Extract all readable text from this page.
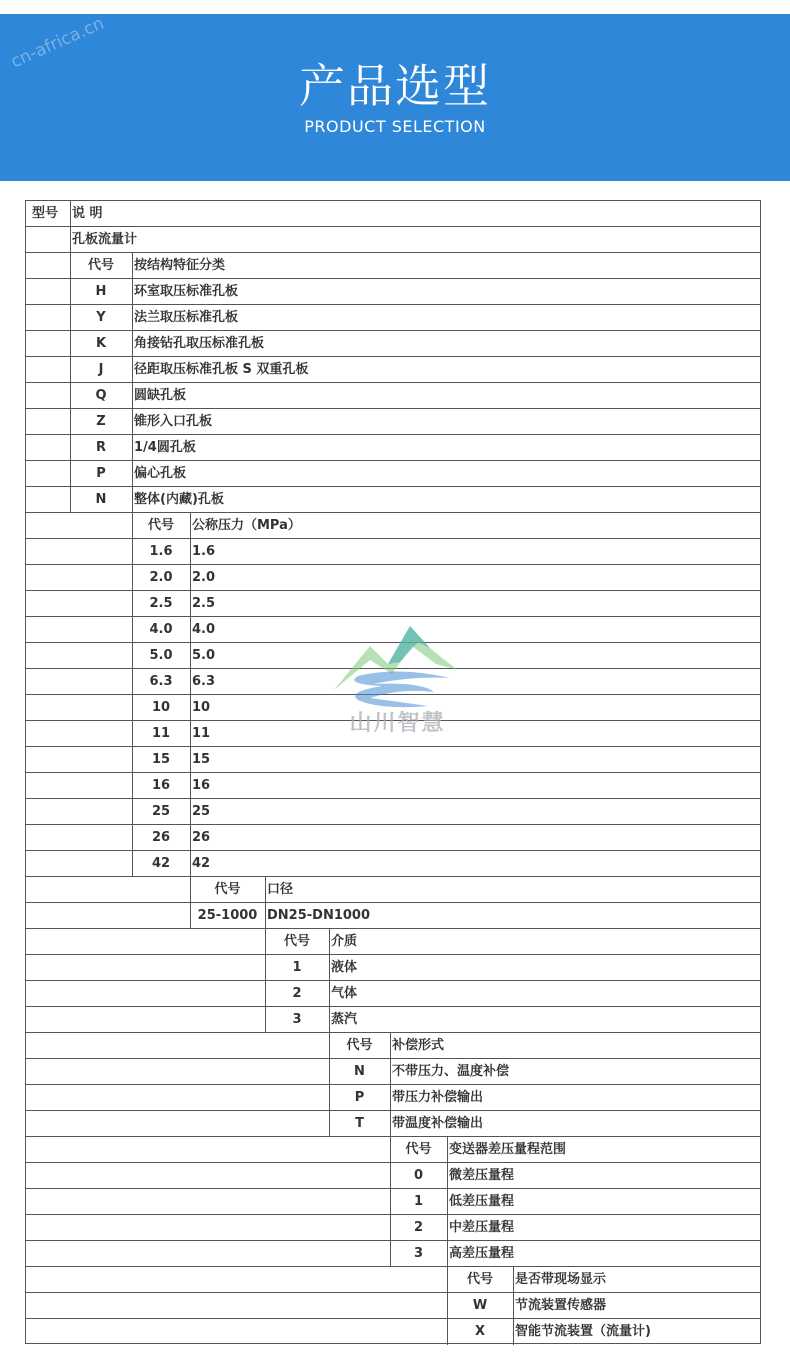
cn-africa.cn
产品选型
PRODUCT SELECTION
型号	说 明
孔板流量计
代号	按结构特征分类
H	环室取压标准孔板
Y	法兰取压标准孔板
K	角接钻孔取压标准孔板
J	径距取压标准孔板 S 双重孔板
Q	圆缺孔板
Z	锥形入口孔板
R	1/4圆孔板
P	偏心孔板
N	整体(内藏)孔板
代号	公称压力（MPa）
1.6	1.6
2.0	2.0
2.5	2.5
4.0	4.0
5.0	5.0
6.3	6.3
10	10
11	11
15	15
16	16
25	25
26	26
42	42
代号	口径
25-1000 DN25-DN1000
代号	介质
1	液体
2	气体
3	蒸汽
代号	补偿形式
N	不带压力、温度补偿
P	带压力补偿输出
T	带温度补偿输出
代号	变送器差压量程范围
0	微差压量程
1	低差压量程
2	中差压量程
3	高差压量程
代号	是否带现场显示
W	节流装置传感器
X	智能节流装置（流量计)
山川智慧
